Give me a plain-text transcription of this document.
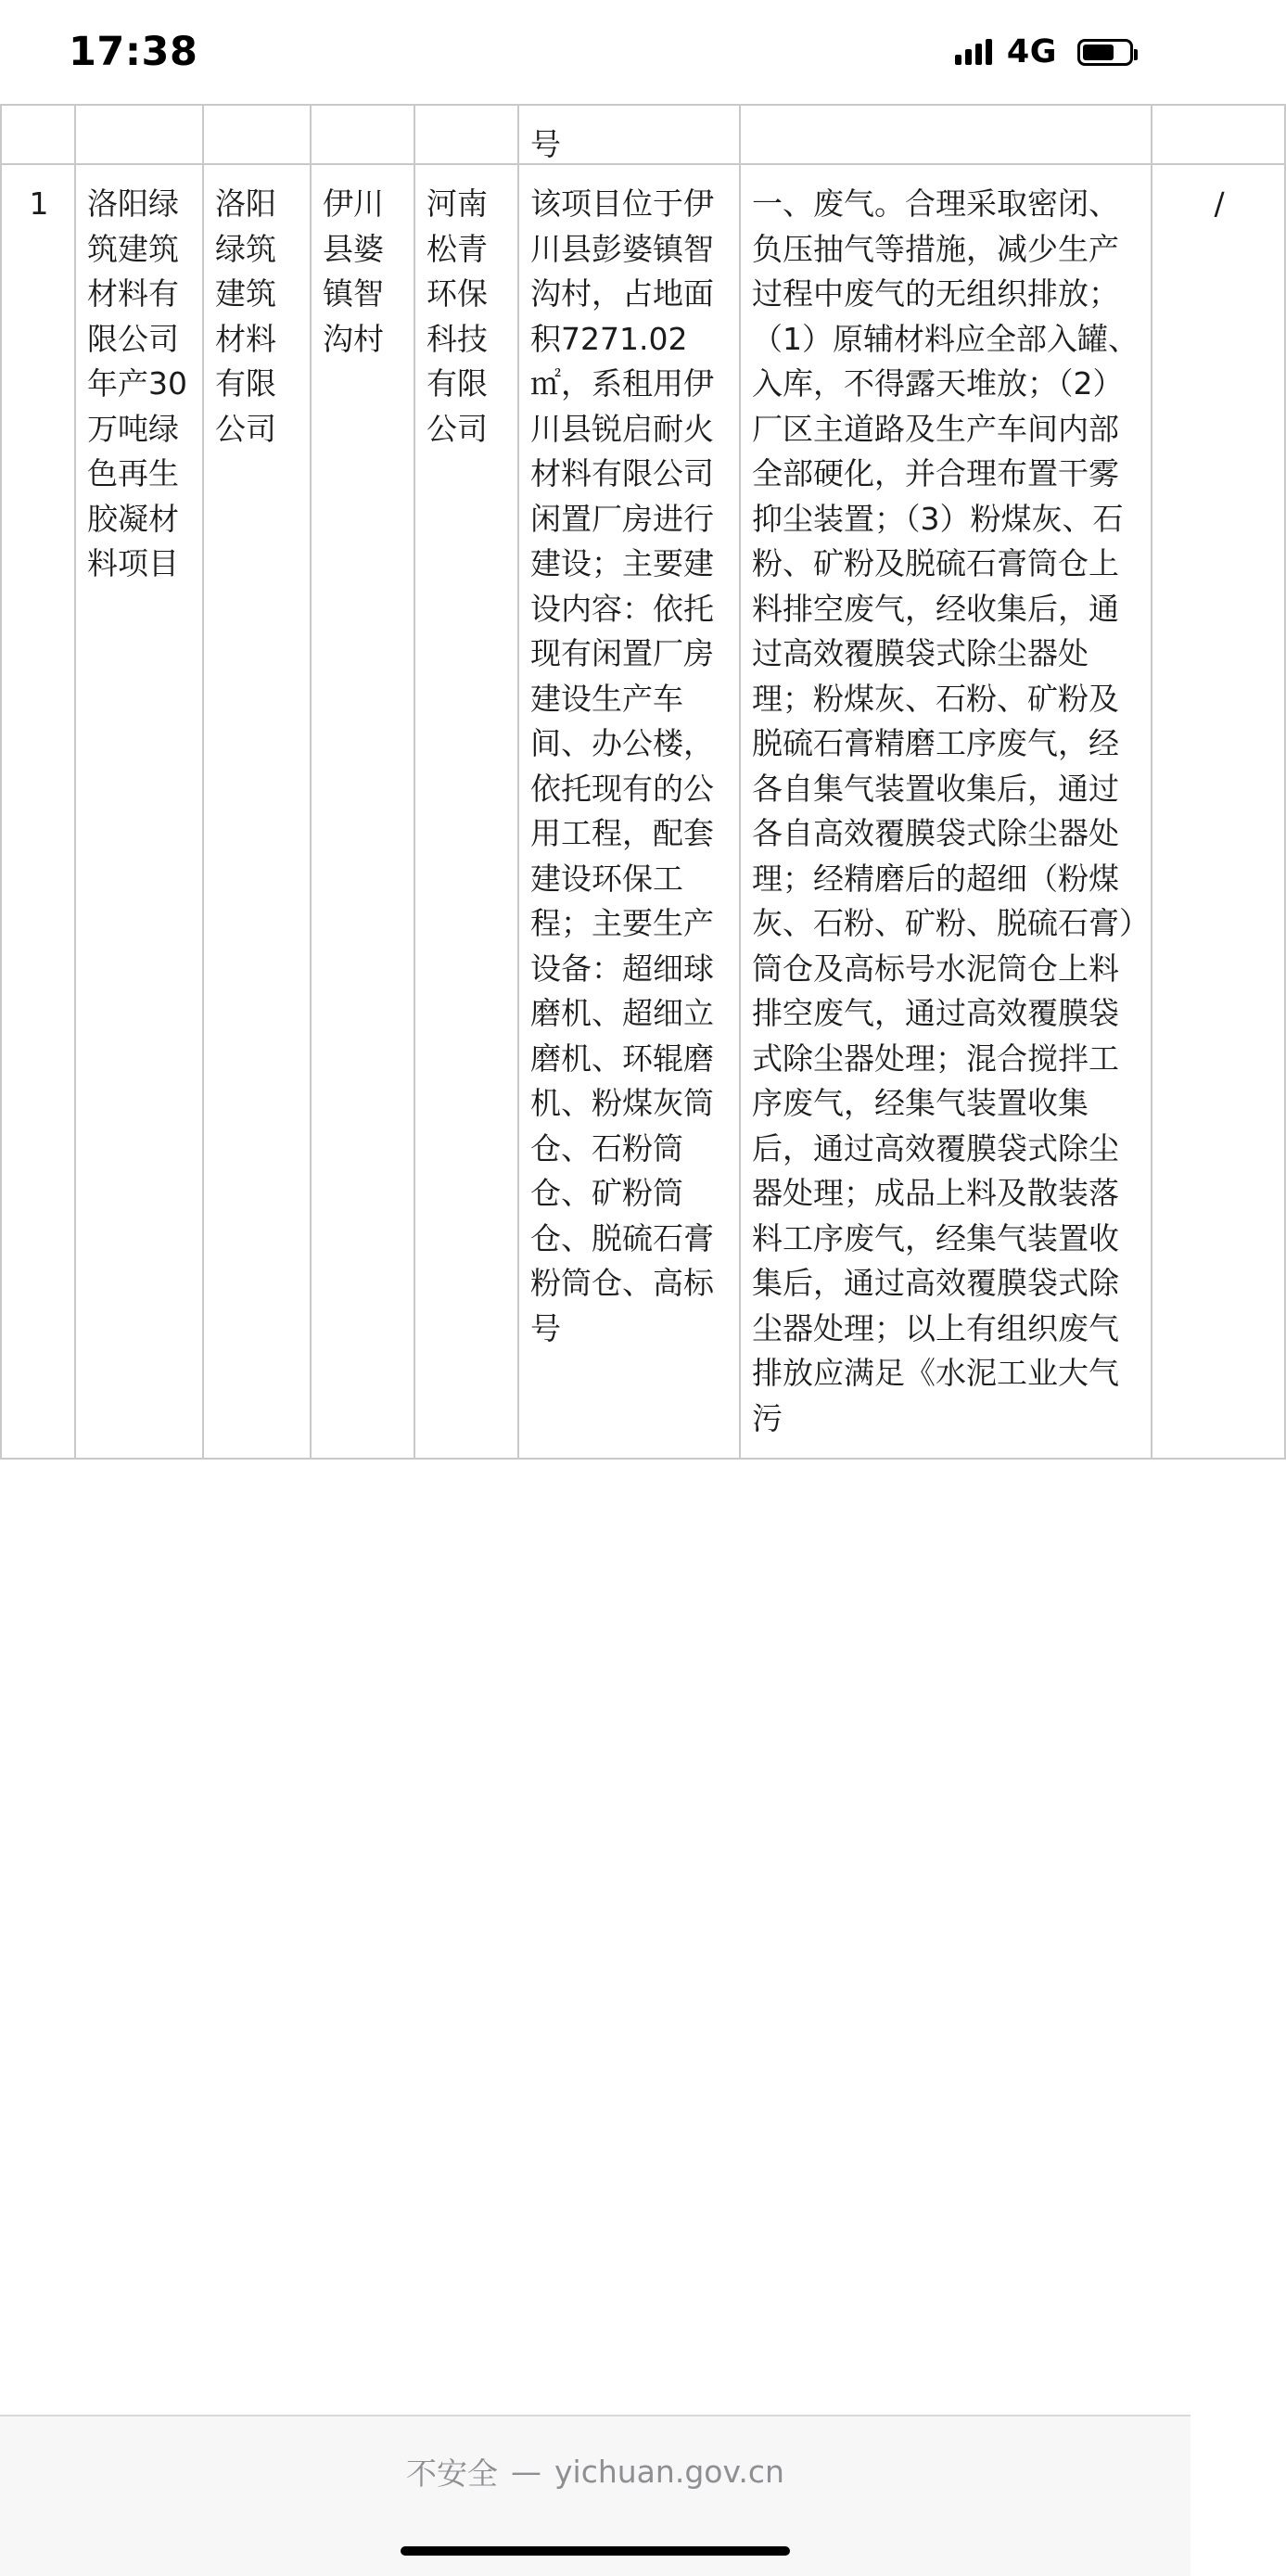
17:38	4G

					号		

1	洛阳绿筑建筑材料有限公司年产30万吨绿色再生胶凝材料项目	洛阳绿筑建筑材料有限公司	伊川县婆镇智沟村	河南松青环保科技有限公司	该项目位于伊川县彭婆镇智沟村，占地面积7271.02㎡，系租用伊川县锐启耐火材料有限公司闲置厂房进行建设；主要建设内容：依托现有闲置厂房建设生产车间、办公楼，依托现有的公用工程，配套建设环保工程；主要生产设备：超细球磨机、超细立磨机、环辊磨机、粉煤灰筒仓、石粉筒仓、矿粉筒仓、脱硫石膏粉筒仓、高标号	一、废气。合理采取密闭、负压抽气等措施，减少生产过程中废气的无组织排放；（1）原辅材料应全部入罐、入库，不得露天堆放；（2）厂区主道路及生产车间内部全部硬化，并合理布置干雾抑尘装置；（3）粉煤灰、石粉、矿粉及脱硫石膏筒仓上料排空废气，经收集后，通过高效覆膜袋式除尘器处理；粉煤灰、石粉、矿粉及脱硫石膏精磨工序废气，经各自集气装置收集后，通过各自高效覆膜袋式除尘器处理；经精磨后的超细（粉煤灰、石粉、矿粉、脱硫石膏）筒仓及高标号水泥筒仓上料排空废气，通过高效覆膜袋式除尘器处理；混合搅拌工序废气，经集气装置收集后，通过高效覆膜袋式除尘器处理；成品上料及散装落料工序废气，经集气装置收集后，通过高效覆膜袋式除尘器处理；以上有组织废气排放应满足《水泥工业大气污	/
不安全 — yichuan.gov.cn
